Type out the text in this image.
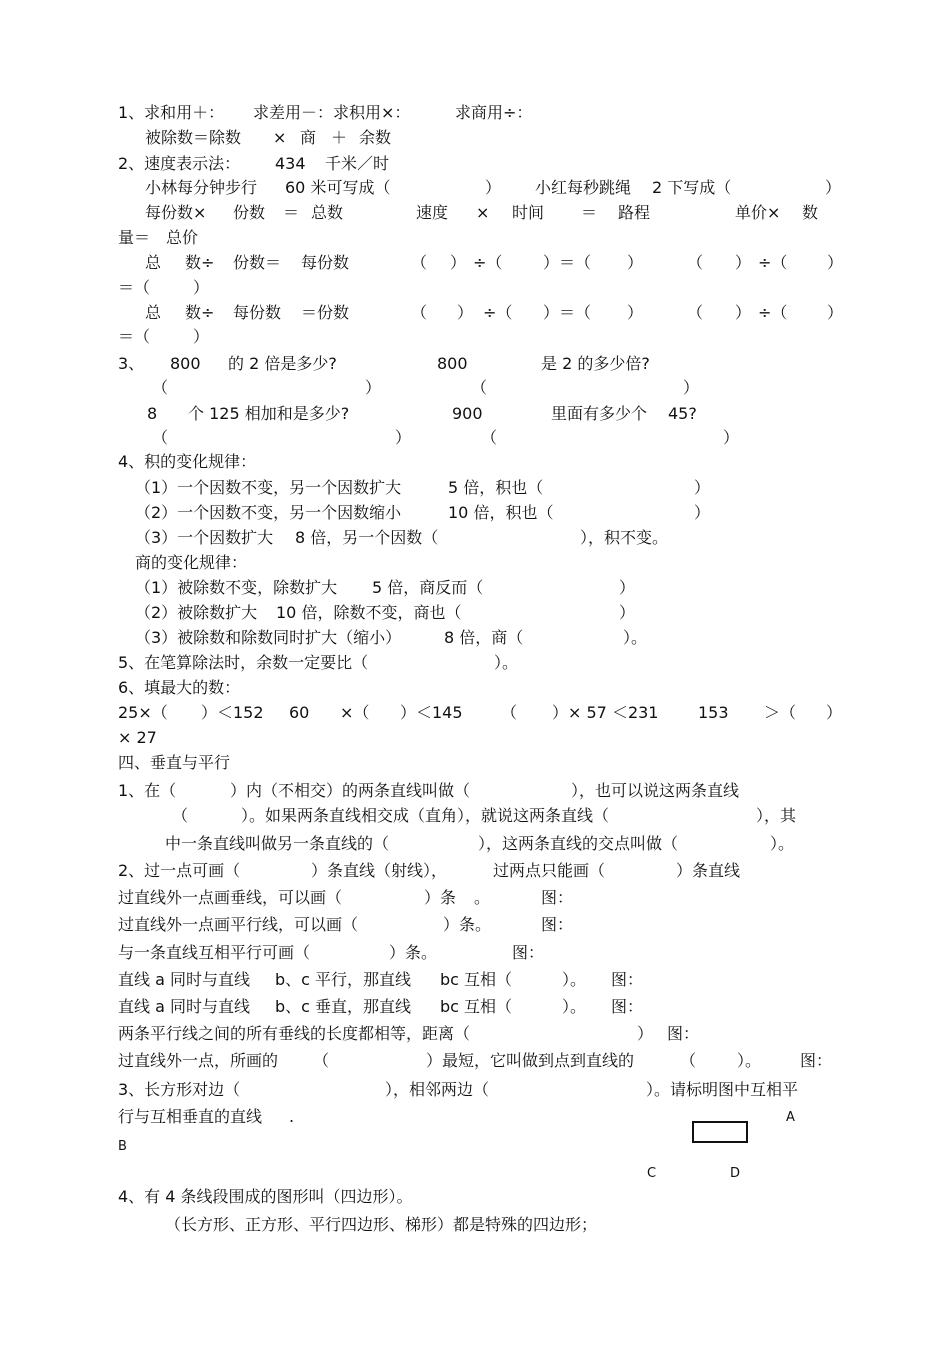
1、求和用＋： 求差用－：求积用×：	求商用÷：
被除数＝除数 × 商 ＋ 余数
2、速度表示法： 434 千米／时
小林每分钟步行 60 米可写成（	） 小红每秒跳绳 2 下写成（	）
每份数× 份数 ＝ 总数	速度 × 时间 ＝ 路程	单价× 数
量＝ 总价
总 数÷ 份数＝ 每份数	（ ） ÷（	）＝（ ）	（ ） ÷（ ）
＝（	）
总 数÷ 每份数 ＝份数	（ ） ÷（ ）＝（ ）	（ ） ÷（ ）
＝（	）
3、 800 的 2 倍是多少?	800	是 2 的多少倍?
（	）	（	）
8 个 125 相加和是多少?	900	里面有多少个 45?
（	）	（	）
4、积的变化规律：
（1）一个因数不变，另一个因数扩大	5 倍，积也（	）
（2）一个因数不变，另一个因数缩小	10 倍，积也（	）
（3）一个因数扩大 8 倍，另一个因数（	），积不变。
商的变化规律：
（1）被除数不变，除数扩大 5 倍，商反而（	）
（2）被除数扩大 10 倍，除数不变，商也（	）
（3）被除数和除数同时扩大（缩小）	8 倍，商（	）。
5、在笔算除法时，余数一定要比（	）。
6、填最大的数：
25×（ ）＜152 60 ×（ ）＜145 （ ）× 57 ＜231 153 ＞（ ）
× 27
四、垂直与平行
1、在（	）内（不相交）的两条直线叫做（	），也可以说这两条直线
（	）。如果两条直线相交成（直角），就说这两条直线（	），其
中一条直线叫做另一条直线的（	），这两条直线的交点叫做（	）。
2、过一点可画（	）条直线（射线），	过两点只能画（	）条直线
过直线外一点画垂线，可以画（	）条 。	图：
过直线外一点画平行线，可以画（	）条。	图：
与一条直线互相平行可画（	）条。	图：
直线 a 同时与直线 b、c 平行，那直线 bc 互相（	）。 图：
直线 a 同时与直线 b、c 垂直，那直线 bc 互相（	）。 图：
两条平行线之间的所有垂线的长度都相等，距离（	） 图：
过直线外一点，所画的 （	）最短，它叫做到点到直线的	（	）。 图：
3、长方形对边（	），相邻两边（	）。请标明图中互相平
行与互相垂直的直线 .
4、有 4 条线段围成的图形叫（四边形）。
（长方形、正方形、平行四边形、梯形）都是特殊的四边形；
A
B
C	D
